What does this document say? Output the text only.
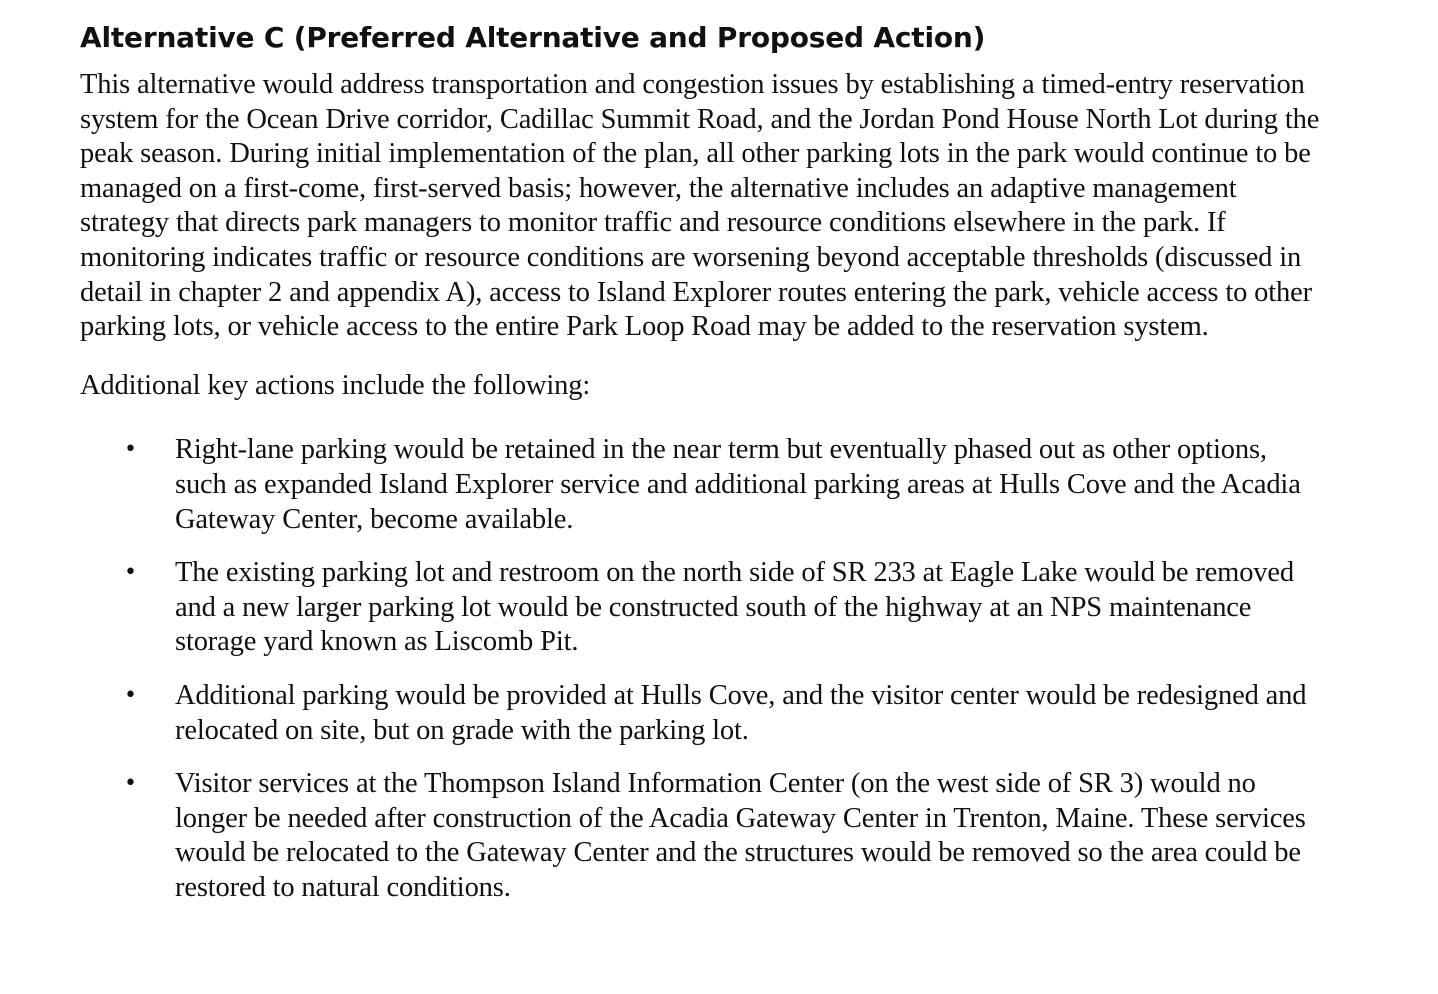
Alternative C (Preferred Alternative and Proposed Action)

This alternative would address transportation and congestion issues by establishing a timed-entry reservation system for the Ocean Drive corridor, Cadillac Summit Road, and the Jordan Pond House North Lot during the peak season. During initial implementation of the plan, all other parking lots in the park would continue to be managed on a first-come, first-served basis; however, the alternative includes an adaptive management strategy that directs park managers to monitor traffic and resource conditions elsewhere in the park. If monitoring indicates traffic or resource conditions are worsening beyond acceptable thresholds (discussed in detail in chapter 2 and appendix A), access to Island Explorer routes entering the park, vehicle access to other parking lots, or vehicle access to the entire Park Loop Road may be added to the reservation system.

Additional key actions include the following:

• Right-lane parking would be retained in the near term but eventually phased out as other options, such as expanded Island Explorer service and additional parking areas at Hulls Cove and the Acadia Gateway Center, become available.
• The existing parking lot and restroom on the north side of SR 233 at Eagle Lake would be removed and a new larger parking lot would be constructed south of the highway at an NPS maintenance storage yard known as Liscomb Pit.
• Additional parking would be provided at Hulls Cove, and the visitor center would be redesigned and relocated on site, but on grade with the parking lot.
• Visitor services at the Thompson Island Information Center (on the west side of SR 3) would no longer be needed after construction of the Acadia Gateway Center in Trenton, Maine. These services would be relocated to the Gateway Center and the structures would be removed so the area could be restored to natural conditions.
